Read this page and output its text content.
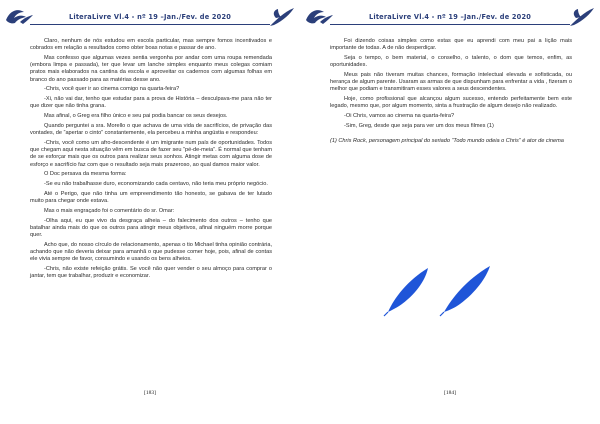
LiteraLivre Vl.4 - nº 19 –Jan./Fev. de 2020

Claro, nenhum de nós estudou em escola particular, mas sempre fomos incentivados e cobrados em relação a resultados como obter boas notas e passar de ano.

Mas confesso que algumas vezes sentia vergonha por andar com uma roupa remendada (embora limpa e passada), ter que levar um lanche simples enquanto meus colegas comiam pratos mais elaborados na cantina da escola e aproveitar os cadernos com algumas folhas em branco do ano passado para as matérias desse ano.

-Chris, você quer ir ao cinema comigo na quarta-feira?

-Xi, não vai dar, tenho que estudar para a prova de História – desculpava-me para não ter que dizer que não tinha grana.

Mas afinal, o Greg era filho único e seu pai podia bancar os seus desejos.

Quando perguntei a sra. Morello o que achava de uma vida de sacrifícios, de privação das vontades, de “apertar o cinto” constantemente, ela percebeu a minha angústia e respondeu:

-Chris, você como um afro-descendente é um imigrante num país de oportunidades. Todos que chegam aqui nesta situação vêm em busca de fazer seu “pé-de-meia”. É normal que tenham de se esforçar mais que os outros para realizar seus sonhos. Atingir metas com alguma dose de esforço e sacrifício faz com que o resultado seja mais prazeroso, ao qual damos maior valor.

O Doc persava da mesma forma:

-Se eu não trabalhasse duro, economizando cada centavo, não teria meu próprio negócio.

Até o Perigo, que não tinha um empreendimento tão honesto, se gabava de ter lutado muito para chegar onde estava.

Mas o mais engraçado foi o comentário do sr. Omar:

-Olha aqui, eu que vivo da desgraça alheia – do falecimento dos outros – tenho que batalhar ainda mais do que os outros para atingir meus objetivos, afinal ninguém morre porque quer.

Acho que, do nosso círculo de relacionamento, apenas o tio Michael tinha opinião contrária, achando que não deveria deixar para amanhã o que pudesse comer hoje, pois, afinal de contas ele vivia sempre de favor, consumindo e usando os bens alheios.

-Chris, não existe refeição grátis. Se você não quer vender o seu almoço para comprar o jantar, tem que trabalhar, produzir e economizar.

[183]
LiteraLivre Vl.4 - nº 19 –Jan./Fev. de 2020

Foi dizendo coisas simples como estas que eu aprendi com meu pai a lição mais importante de todas. A de não desperdiçar.

Seja o tempo, o bem material, o conselho, o talento, o dom que temos, enfim, as oportunidades.

Meus pais não tiveram muitas chances, formação intelectual elevada e sofisticada, ou herança de algum parente. Usaram as armas de que dispunham para enfrentar a vida , fizeram o melhor que podiam e transmitiram esses valores a seus descendentes.

Hoje, como profissional que alcançou algum sucesso, entendo perfeitamente bem este legado, mesmo que, por algum momento, sinta a frustração de algum desejo não realizado.

-Oi Chris, vamos ao cinema na quarta-feira?

-Sim, Greg, desde que seja para ver um dos meus filmes (1)

(1) Chris Rock, personagem principal do seriado “Todo mundo odeia o Chris” é ator de cinema

[184]
